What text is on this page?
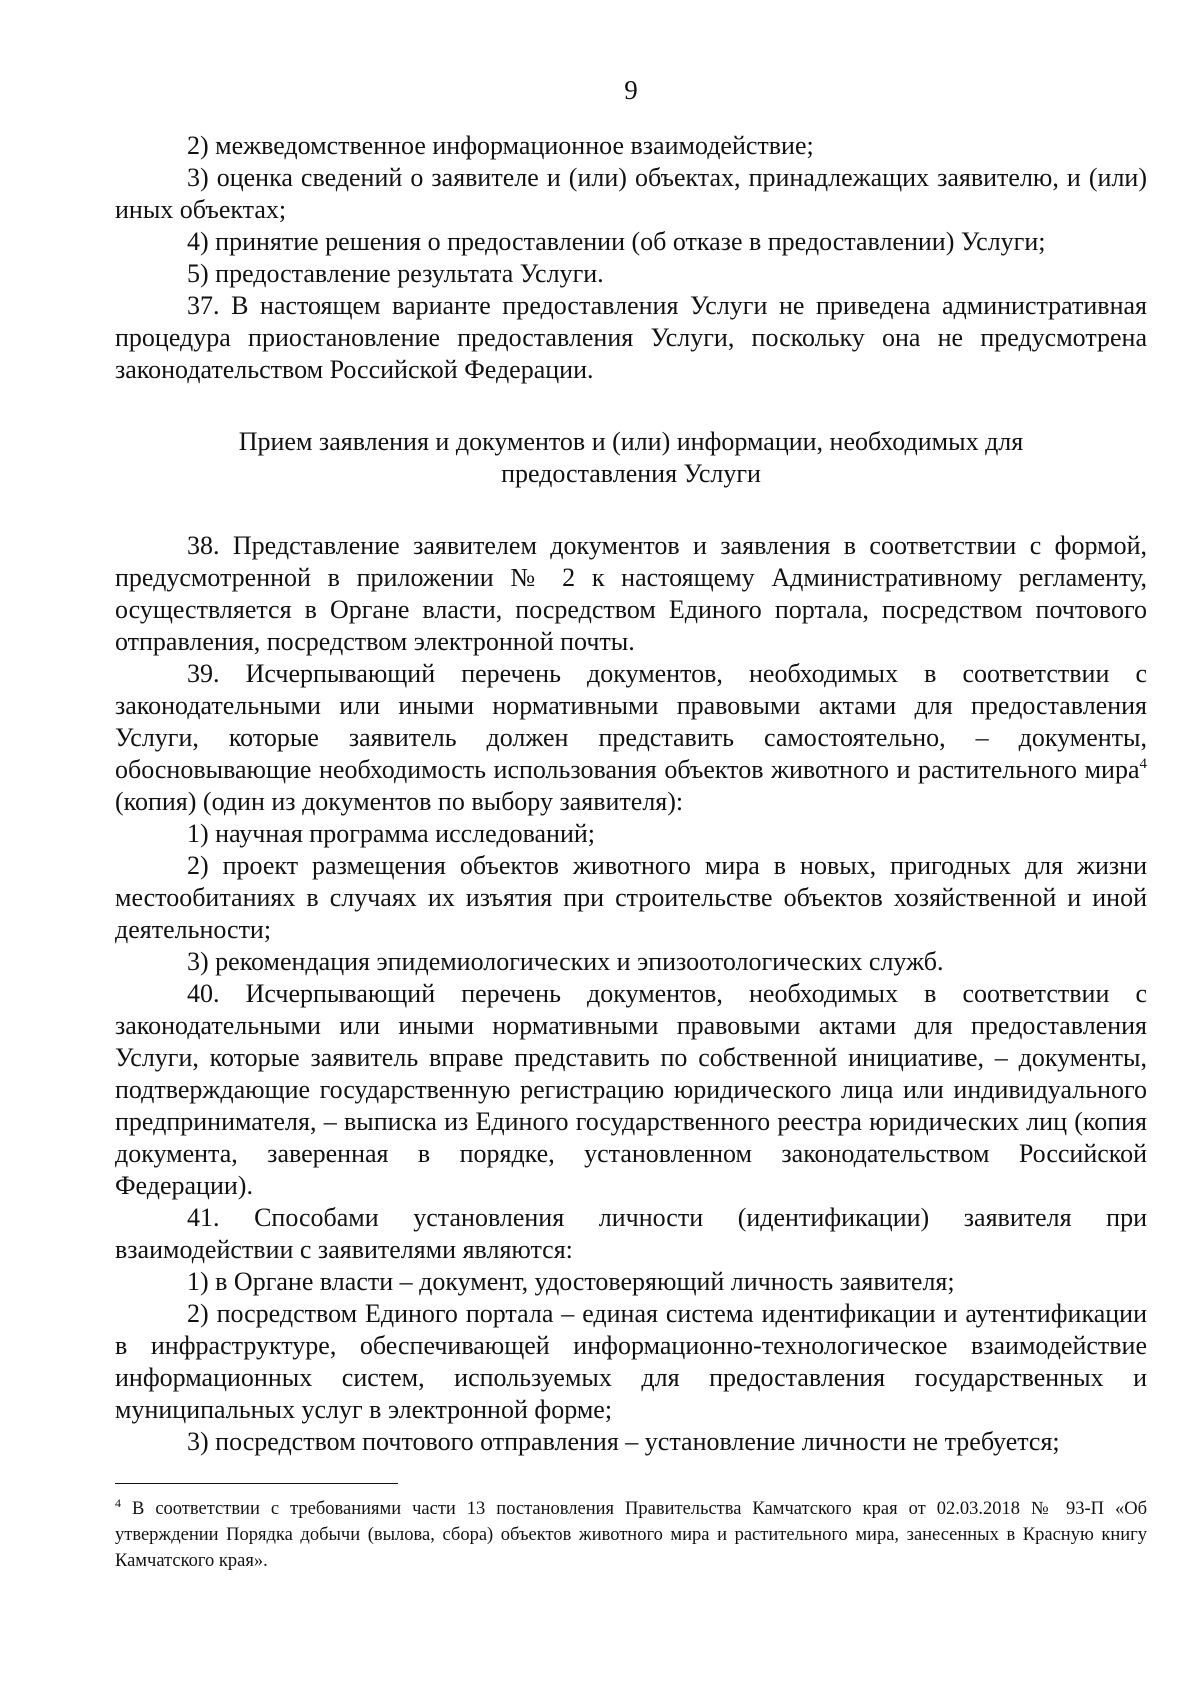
9

2) межведомственное информационное взаимодействие;

3) оценка сведений о заявителе и (или) объектах, принадлежащих заявителю, и (или) иных объектах;

4) принятие решения о предоставлении (об отказе в предоставлении) Услуги;

5) предоставление результата Услуги.

37. В настоящем варианте предоставления Услуги не приведена административная процедура приостановление предоставления Услуги, поскольку она не предусмотрена законодательством Российской Федерации.

Прием заявления и документов и (или) информации, необходимых для
предоставления Услуги

38. Представление заявителем документов и заявления в соответствии с формой, предусмотренной в приложении № 2 к настоящему Административному регламенту, осуществляется в Органе власти, посредством Единого портала, посредством почтового отправления, посредством электронной почты.

39. Исчерпывающий перечень документов, необходимых в соответствии с законодательными или иными нормативными правовыми актами для предоставления Услуги, которые заявитель должен представить самостоятельно, – документы, обосновывающие необходимость использования объектов животного и растительного мира$^4$ (копия) (один из документов по выбору заявителя):

1) научная программа исследований;

2) проект размещения объектов животного мира в новых, пригодных для жизни местообитаниях в случаях их изъятия при строительстве объектов хозяйственной и иной деятельности;

3) рекомендация эпидемиологических и эпизоотологических служб.

40. Исчерпывающий перечень документов, необходимых в соответствии с законодательными или иными нормативными правовыми актами для предоставления Услуги, которые заявитель вправе представить по собственной инициативе, – документы, подтверждающие государственную регистрацию юридического лица или индивидуального предпринимателя, – выписка из Единого государственного реестра юридических лиц (копия документа, заверенная в порядке, установленном законодательством Российской Федерации).

41. Способами установления личности (идентификации) заявителя при взаимодействии с заявителями являются:

1) в Органе власти – документ, удостоверяющий личность заявителя;

2) посредством Единого портала – единая система идентификации и аутентификации в инфраструктуре, обеспечивающей информационно-технологическое взаимодействие информационных систем, используемых для предоставления государственных и муниципальных услуг в электронной форме;

3) посредством почтового отправления – установление личности не требуется;

$^4$ В соответствии с требованиями части 13 постановления Правительства Камчатского края от 02.03.2018 № 93-П «Об утверждении Порядка добычи (вылова, сбора) объектов животного мира и растительного мира, занесенных в Красную книгу Камчатского края».
